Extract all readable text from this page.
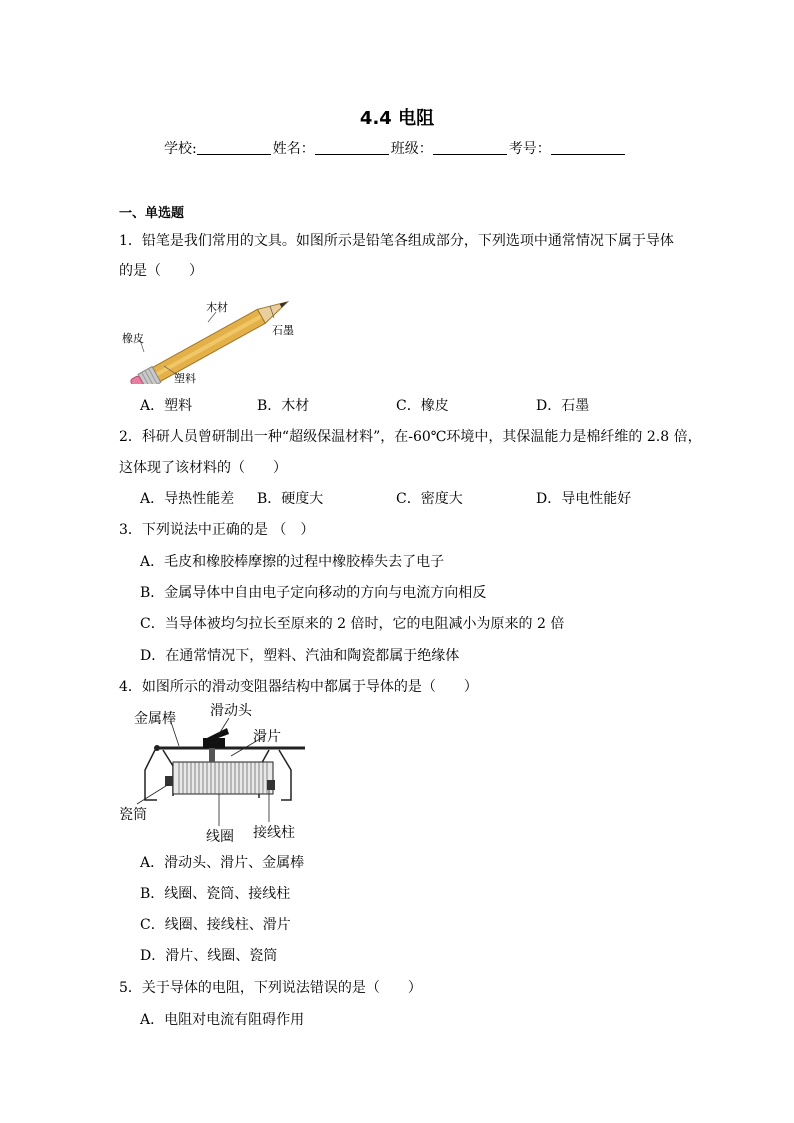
4.4 电阻
学校:	姓名：	班级：	考号：
一、单选题
1．铅笔是我们常用的文具。如图所示是铅笔各组成部分，下列选项中通常情况下属于导体
的是（　　）
木材
石墨
橡皮
塑料
A．塑料	B．木材	C．橡皮	D．石墨
2．科研人员曾研制出一种“超级保温材料”，在-60℃环境中，其保温能力是棉纤维的 2.8 倍，
这体现了该材料的（　　）
A．导热性能差 B．硬度大	C．密度大	D．导电性能好
3．下列说法中正确的是 （　）
A．毛皮和橡胶棒摩擦的过程中橡胶棒失去了电子
B．金属导体中自由电子定向移动的方向与电流方向相反
C．当导体被均匀拉长至原来的 2 倍时，它的电阻减小为原来的 2 倍
D．在通常情况下，塑料、汽油和陶瓷都属于绝缘体
4．如图所示的滑动变阻器结构中都属于导体的是（　　）
金属棒 滑动头
滑片
瓷筒
线圈 接线柱
A．滑动头、滑片、金属棒
B．线圈、瓷筒、接线柱
C．线圈、接线柱、滑片
D．滑片、线圈、瓷筒
5．关于导体的电阻，下列说法错误的是（　　）
A．电阻对电流有阻碍作用
